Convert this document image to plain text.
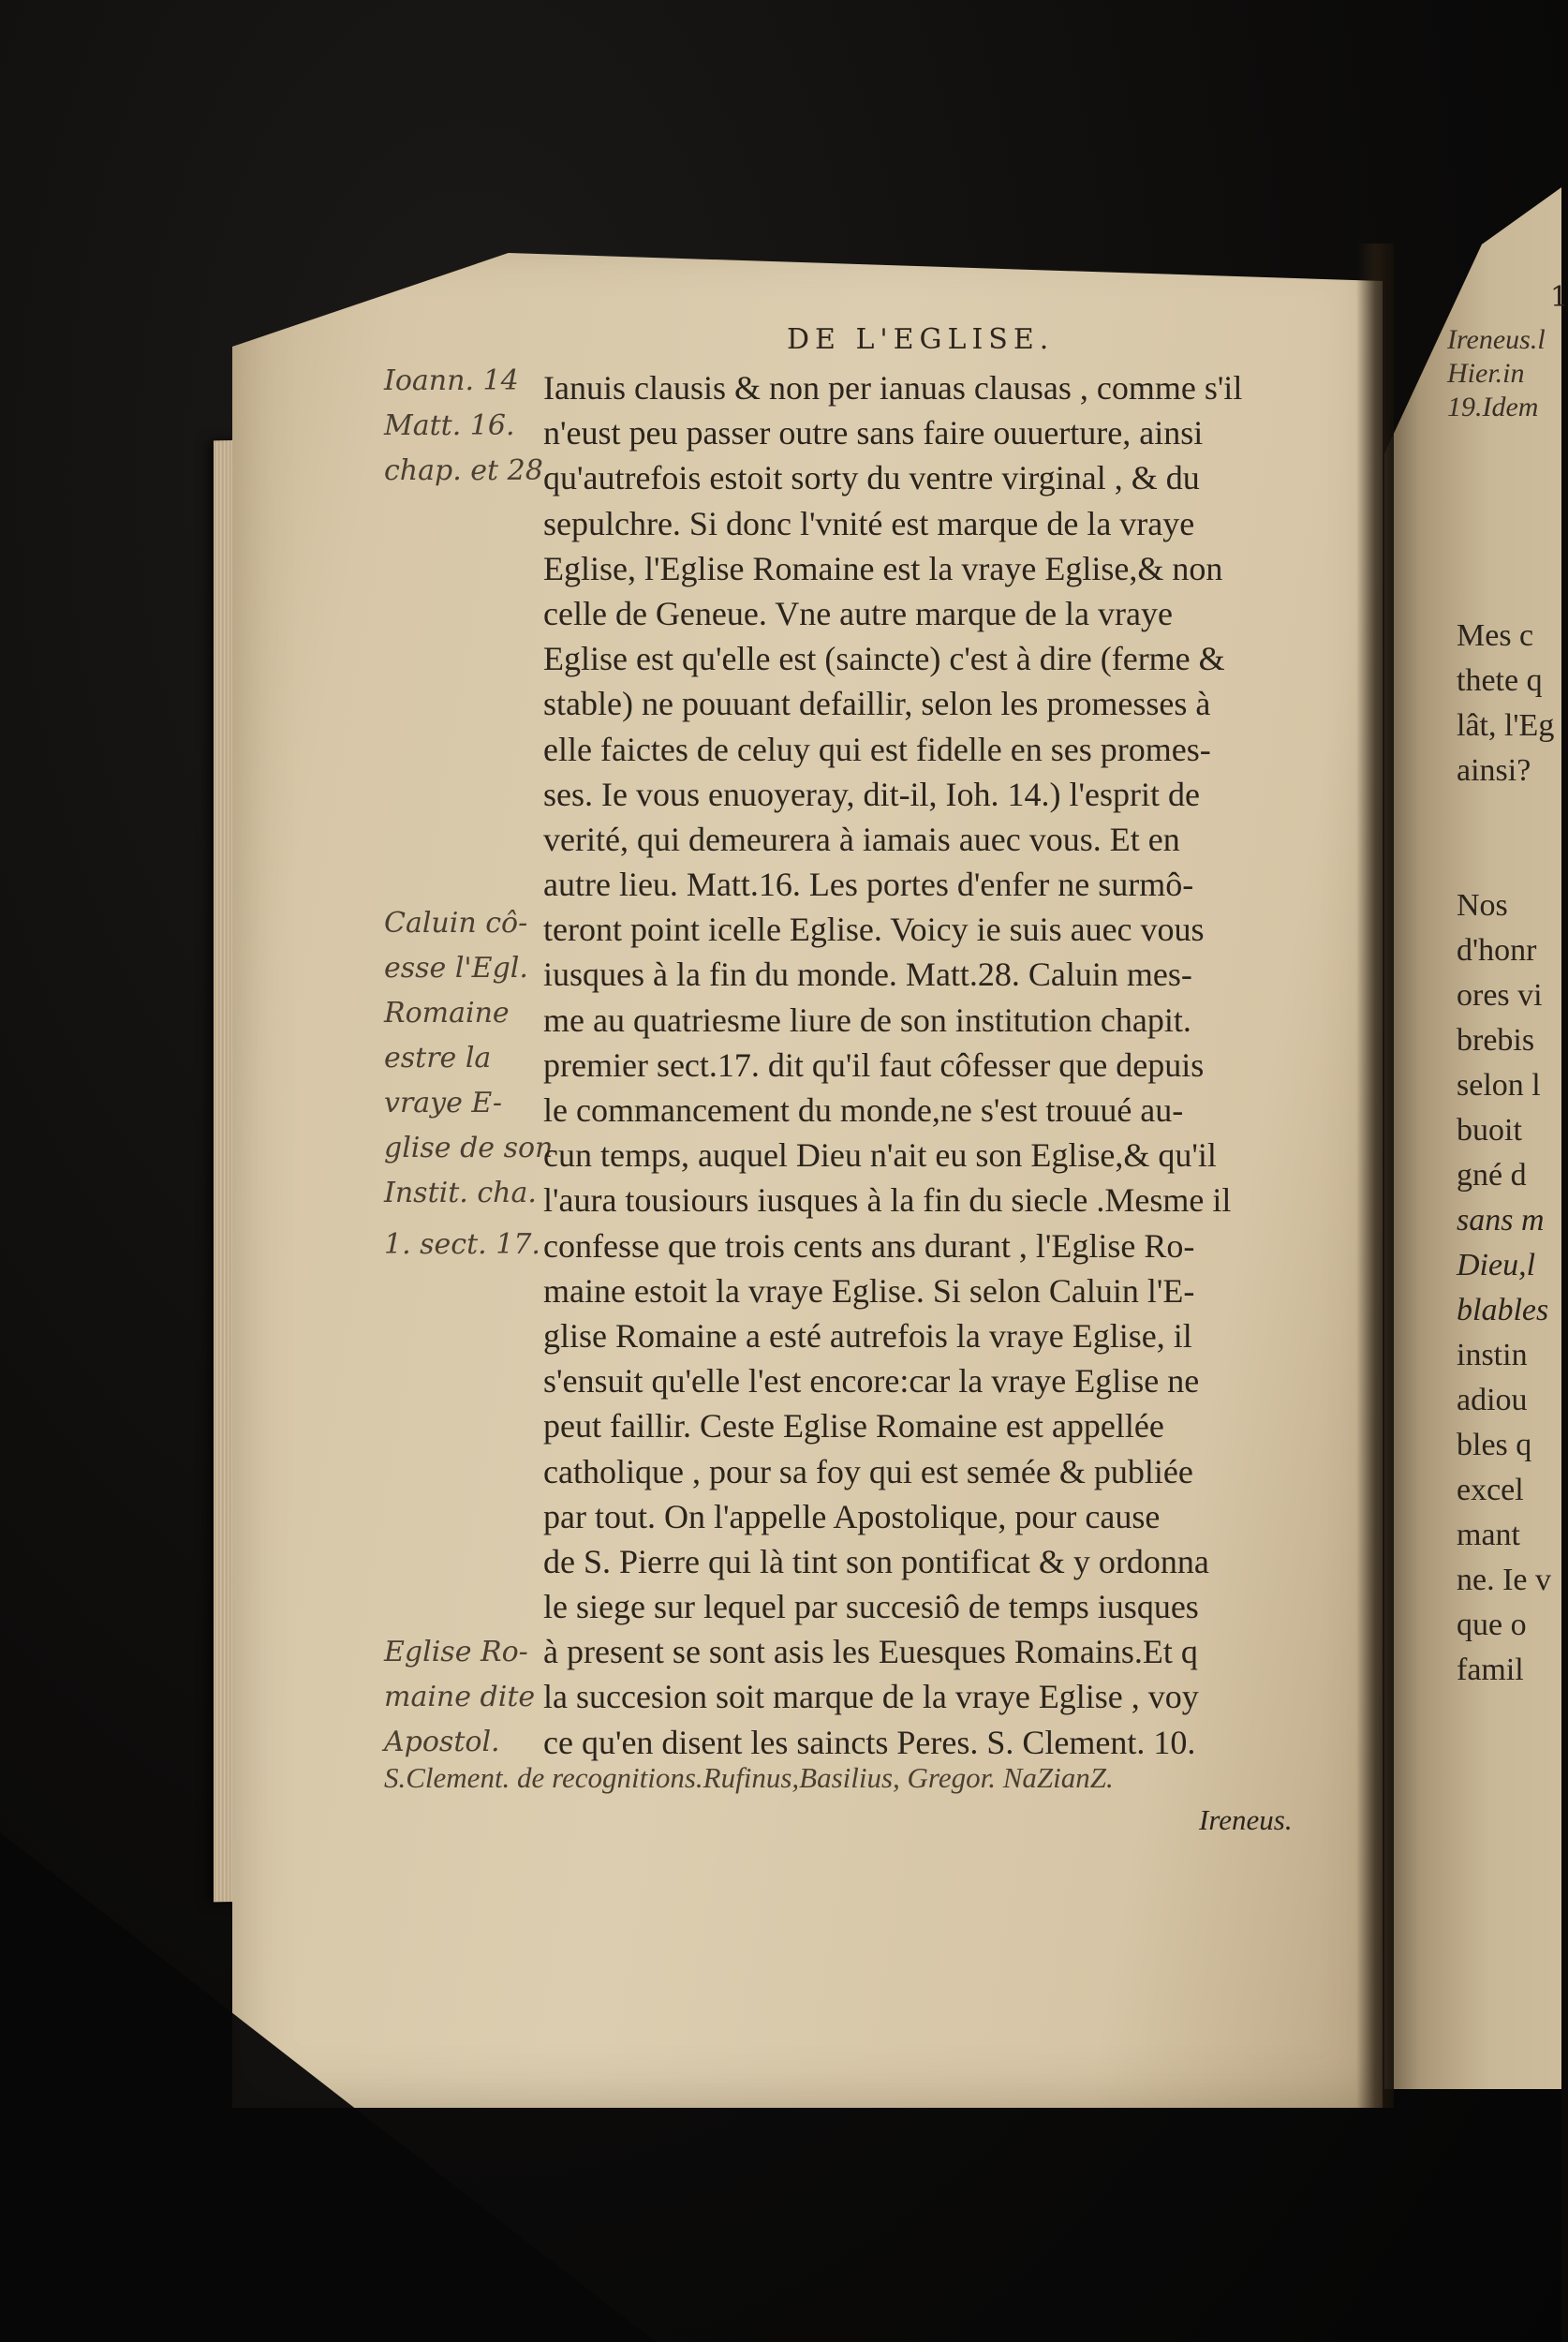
DE L'EGLISE.
Ioann. 14
Matt. 16.
chap. et 28
Caluin cô-
esse l'Egl.
Romaine
estre la
vraye E-
glise de son
Instit. cha.
1. sect. 17.
Eglise Ro-
maine dite
Apostol.
Ianuis clausis & non per ianuas clausas , comme s'il
n'eust peu passer outre sans faire ouuerture, ainsi
qu'autrefois estoit sorty du ventre virginal , & du
sepulchre. Si donc l'vnité est marque de la vraye
Eglise, l'Eglise Romaine est la vraye Eglise,& non
celle de Geneue. Vne autre marque de la vraye
Eglise est qu'elle est (saincte) c'est à dire (ferme &
stable) ne pouuant defaillir, selon les promesses à
elle faictes de celuy qui est fidelle en ses promes-
ses. Ie vous enuoyeray, dit-il, Ioh. 14.) l'esprit de
verité, qui demeurera à iamais auec vous. Et en
autre lieu. Matt.16. Les portes d'enfer ne surmô-
teront point icelle Eglise. Voicy ie suis auec vous
iusques à la fin du monde. Matt.28. Caluin mes-
me au quatriesme liure de son institution chapit.
premier sect.17. dit qu'il faut côfesser que depuis
le commancement du monde,ne s'est trouué au-
cun temps, auquel Dieu n'ait eu son Eglise,& qu'il
l'aura tousiours iusques à la fin du siecle .Mesme il
confesse que trois cents ans durant , l'Eglise Ro-
maine estoit la vraye Eglise. Si selon Caluin l'E-
glise Romaine a esté autrefois la vraye Eglise, il
s'ensuit qu'elle l'est encore:car la vraye Eglise ne
peut faillir. Ceste Eglise Romaine est appellée
catholique , pour sa foy qui est semée & publiée
par tout. On l'appelle Apostolique, pour cause
de S. Pierre qui là tint son pontificat & y ordonna
le siege sur lequel par succesiô de temps iusques
à present se sont asis les Euesques Romains.Et q
la succesion soit marque de la vraye Eglise , voy
ce qu'en disent les saincts Peres. S. Clement. 10.
S.Clement. de recognitions.Rufinus,Basilius, Gregor. NaZianZ.
Ireneus.
1
Ireneus.l
Hier.in
19.Idem
Mes c
thete q
lât, l'Eg
ainsi?
Nos
d'honr
ores vi
brebis
selon l
buoit
gné d
sans m
Dieu,l
blables
instin
adiou
bles q
excel
mant
ne. Ie v
que o
famil
